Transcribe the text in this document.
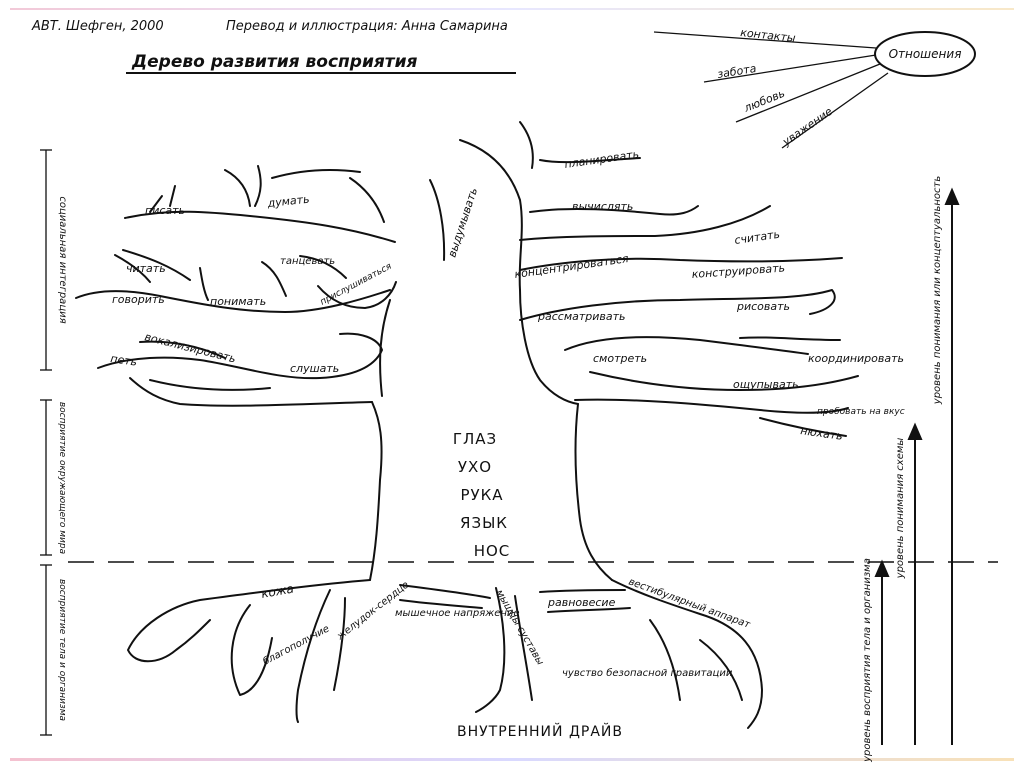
АВТ. Шефген, 2000	Перевод и иллюстрация: Анна Самарина
Дерево развития восприятия	Отношения
контакты
забота
любовь
уважение
социальная интеграция
восприятие окружающего мира
восприятие тела и организма
уровень понимания или концептуальность
уровень понимания схемы
уровень восприятия тела и организма
писать
думать
читать
танцевать
прислушиваться
говорить	понимать
вокализировать
петь	слушать
выдумывать
планировать
вычислять
концентрироваться
считать
конструировать
рассматривать
рисовать
смотреть	координировать
ощупывать
пробовать на вкус
нюхать
ГЛАЗ
УХО
РУКА
ЯЗЫК
НОС
кожа
благополучие
желудок-сердце
мышечное напряжение
мышцы суставы равновесие вестибулярный аппарат
чувство безопасной гравитации
ВНУТРЕННИЙ ДРАЙВ
